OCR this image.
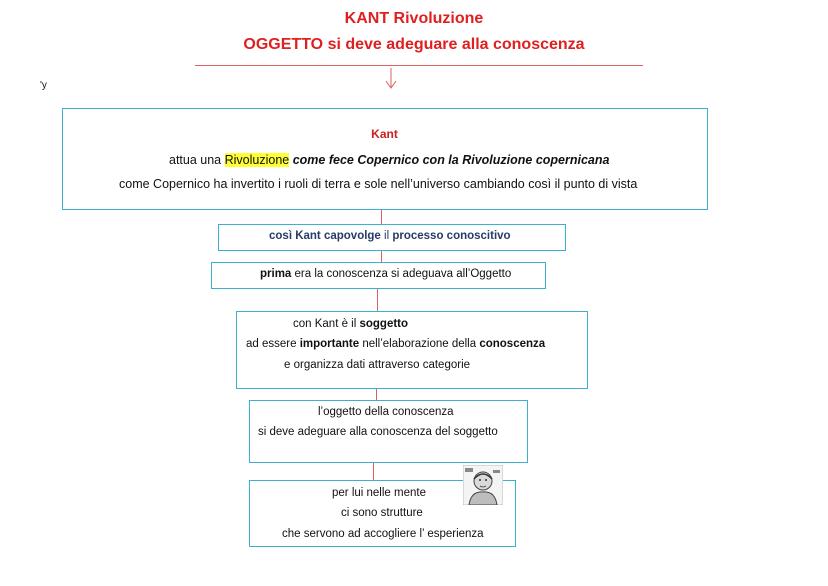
KANT Rivoluzione
OGGETTO si deve adeguare alla conoscenza
'y
Kant
attua una Rivoluzione come fece Copernico con la Rivoluzione copernicana
come Copernico ha invertito i ruoli di terra e sole nell’universo cambiando così il punto di vista
così Kant capovolge il processo conoscitivo
prima era la conoscenza si adeguava all’Oggetto
con Kant è il soggetto
ad essere importante nell’elaborazione della conoscenza
e organizza dati attraverso categorie
l’oggetto della conoscenza
si deve adeguare alla conoscenza del soggetto
per lui nelle mente
ci sono strutture
che servono ad accogliere l’ esperienza
